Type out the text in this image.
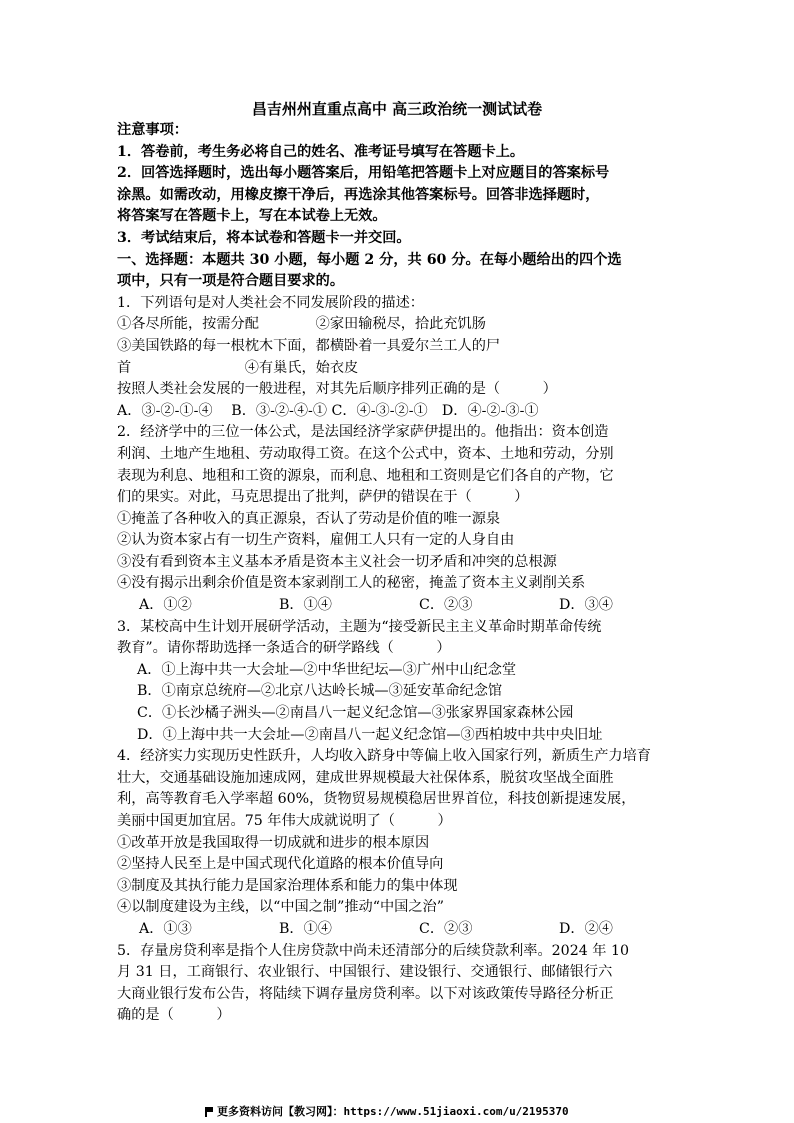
昌吉州州直重点高中 高三政治统一测试试卷
注意事项：
1．答卷前，考生务必将自己的姓名、准考证号填写在答题卡上。
2．回答选择题时，选出每小题答案后，用铅笔把答题卡上对应题目的答案标号
涂黑。如需改动，用橡皮擦干净后，再选涂其他答案标号。回答非选择题时，
将答案写在答题卡上，写在本试卷上无效。
3．考试结束后，将本试卷和答题卡一并交回。
一、选择题：本题共 30 小题，每小题 2 分，共 60 分。在每小题给出的四个选
项中，只有一项是符合题目要求的。
1．下列语句是对人类社会不同发展阶段的描述：
①各尽所能，按需分配　　　　②家田输税尽，拾此充饥肠
③美国铁路的每一根枕木下面，都横卧着一具爱尔兰工人的尸
首　　　　　　　　④有巢氏，始衣皮
按照人类社会发展的一般进程，对其先后顺序排列正确的是（　　　）
A．③-②-①-④　 B．③-②-④-① C．④-③-②-①　D．④-②-③-①
2．经济学中的三位一体公式，是法国经济学家萨伊提出的。他指出：资本创造
利润、土地产生地租、劳动取得工资。在这个公式中，资本、土地和劳动，分别
表现为利息、地租和工资的源泉，而利息、地租和工资则是它们各自的产物，它
们的果实。对此，马克思提出了批判，萨伊的错误在于（　　　）
①掩盖了各种收入的真正源泉，否认了劳动是价值的唯一源泉
②认为资本家占有一切生产资料，雇佣工人只有一定的人身自由
③没有看到资本主义基本矛盾是资本主义社会一切矛盾和冲突的总根源
④没有揭示出剩余价值是资本家剥削工人的秘密，掩盖了资本主义剥削关系
A．①②	B．①④	C．②③	D．③④
3．某校高中生计划开展研学活动，主题为“接受新民主主义革命时期革命传统
教育”。请你帮助选择一条适合的研学路线（　　　）
A．①上海中共一大会址—②中华世纪坛—③广州中山纪念堂
B．①南京总统府—②北京八达岭长城—③延安革命纪念馆
C．①长沙橘子洲头—②南昌八一起义纪念馆—③张家界国家森林公园
D．①上海中共一大会址—②南昌八一起义纪念馆—③西柏坡中共中央旧址
4．经济实力实现历史性跃升，人均收入跻身中等偏上收入国家行列，新质生产力培育
壮大，交通基础设施加速成网，建成世界规模最大社保体系，脱贫攻坚战全面胜
利，高等教育毛入学率超 60%，货物贸易规模稳居世界首位，科技创新提速发展，
美丽中国更加宜居。75 年伟大成就说明了（　　　）
①改革开放是我国取得一切成就和进步的根本原因
②坚持人民至上是中国式现代化道路的根本价值导向
③制度及其执行能力是国家治理体系和能力的集中体现
④以制度建设为主线，以“中国之制”推动“中国之治”
A．①③	B．①④	C．②③	D．②④
5．存量房贷利率是指个人住房贷款中尚未还清部分的后续贷款利率。2024 年 10
月 31 日，工商银行、农业银行、中国银行、建设银行、交通银行、邮储银行六
大商业银行发布公告，将陆续下调存量房贷利率。以下对该政策传导路径分析正
确的是（　　　）
更多资料访问【教习网】：https://www.51jiaoxi.com/u/2195370
